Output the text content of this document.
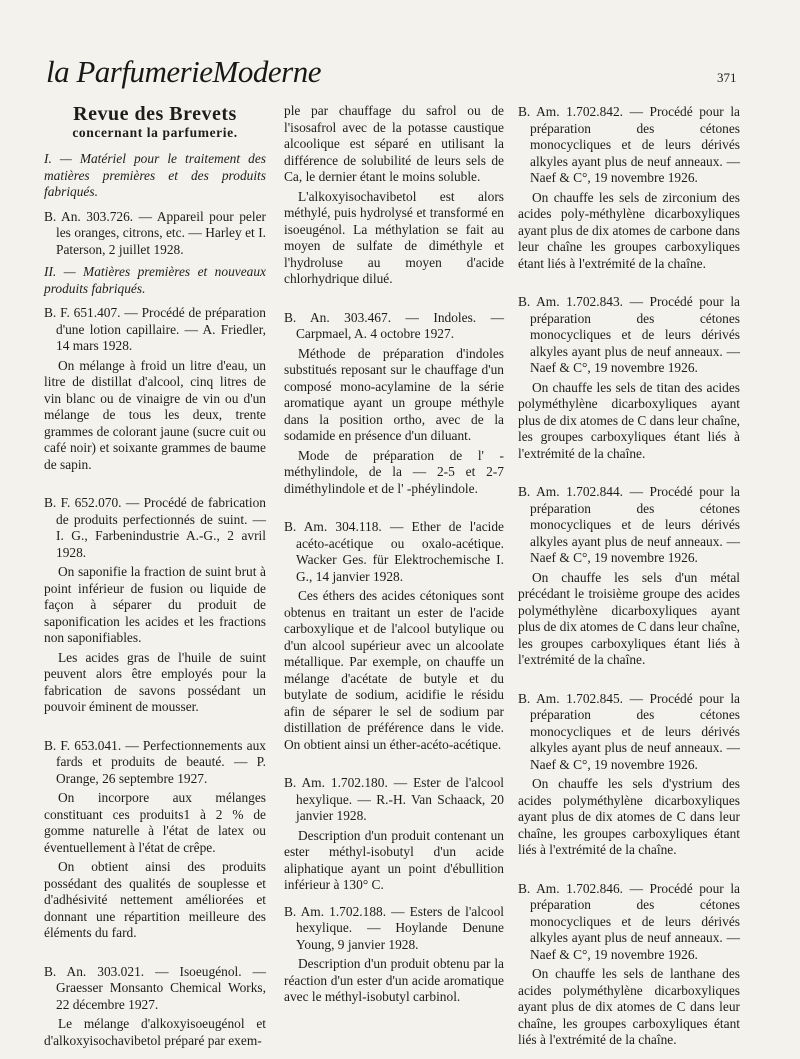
la ParfumerieModerne	371
Revue des Brevets
concernant la parfumerie.

I. — Matériel pour le traitement des matières premières et des produits fabriqués.

B. An. 303.726. — Appareil pour peler les oranges, citrons, etc. — Harley et I. Paterson, 2 juillet 1928.

II. — Matières premières et nouveaux produits fabriqués.

B. F. 651.407. — Procédé de préparation d'une lotion capillaire. — A. Friedler, 14 mars 1928.

On mélange à froid un litre d'eau, un litre de distillat d'alcool, cinq litres de vin blanc ou de vinaigre de vin ou d'un mélange de tous les deux, trente grammes de colorant jaune (sucre cuit ou café noir) et soixante grammes de baume de sapin.

B. F. 652.070. — Procédé de fabrication de produits perfectionnés de suint. — I. G., Farbenindustrie A.-G., 2 avril 1928.

On saponifie la fraction de suint brut à point inférieur de fusion ou liquide de façon à séparer du produit de saponification les acides et les fractions non saponifiables.

Les acides gras de l'huile de suint peuvent alors être employés pour la fabrication de savons possédant un pouvoir éminent de mousser.

B. F. 653.041. — Perfectionnements aux fards et produits de beauté. — P. Orange, 26 septembre 1927.

On incorpore aux mélanges constituant ces produits1 à 2 % de gomme naturelle à l'état de latex ou éventuellement à l'état de crêpe.

On obtient ainsi des produits possédant des qualités de souplesse et d'adhésivité nettement améliorées et donnant une répartition meilleure des éléments du fard.

B. An. 303.021. — Isoeugénol. — Graesser Monsanto Chemical Works, 22 décembre 1927.

Le mélange d'alkoxyisoeugénol et d'alkoxyisochavibetol préparé par exem-

ple par chauffage du safrol ou de l'isosafrol avec de la potasse caustique alcoolique est séparé en utilisant la différence de solubilité de leurs sels de Ca, le dernier étant le moins soluble.

L'alkoxyisochavibetol est alors méthylé, puis hydrolysé et transformé en isoeugénol. La méthylation se fait au moyen de sulfate de diméthyle et l'hydroluse au moyen d'acide chlorhydrique dilué.

B. An. 303.467. — Indoles. — Carpmael, A. 4 octobre 1927.

Méthode de préparation d'indoles substitués reposant sur le chauffage d'un composé mono-acylamine de la série aromatique ayant un groupe méthyle dans la position ortho, avec de la sodamide en présence d'un diluant.

Mode de préparation de l' -méthylindole, de la — 2-5 et 2-7 diméthylindole et de l' -phéylindole.

B. Am. 304.118. — Ether de l'acide acéto-acétique ou oxalo-acétique. Wacker Ges. für Elektrochemische I. G., 14 janvier 1928.

Ces éthers des acides cétoniques sont obtenus en traitant un ester de l'acide carboxylique et de l'alcool butylique ou d'un alcool supérieur avec un alcoolate métallique. Par exemple, on chauffe un mélange d'acétate de butyle et du butylate de sodium, acidifie le résidu afin de séparer le sel de sodium par distillation de préférence dans le vide. On obtient ainsi un éther-acéto-acétique.

B. Am. 1.702.180. — Ester de l'alcool hexylique. — R.-H. Van Schaack, 20 janvier 1928.

Description d'un produit contenant un ester méthyl-isobutyl d'un acide aliphatique ayant un point d'ébullition inférieur à 130° C.

B. Am. 1.702.188. — Esters de l'alcool hexylique. — Hoylande Denune Young, 9 janvier 1928.

Description d'un produit obtenu par la réaction d'un ester d'un acide aromatique avec le méthyl-isobutyl carbinol.

B. Am. 1.702.842. — Procédé pour la préparation des cétones monocycliques et de leurs dérivés alkyles ayant plus de neuf anneaux. — Naef & C°, 19 novembre 1926.

On chauffe les sels de zirconium des acides poly-méthylène dicarboxyliques ayant plus de dix atomes de carbone dans leur chaîne les groupes carboxyliques étant liés à l'extrémité de la chaîne.

B. Am. 1.702.843. — Procédé pour la préparation des cétones monocycliques et de leurs dérivés alkyles ayant plus de neuf anneaux. — Naef & C°, 19 novembre 1926.

On chauffe les sels de titan des acides polyméthylène dicarboxyliques ayant plus de dix atomes de C dans leur chaîne, les groupes carboxyliques étant liés à l'extrémité de la chaîne.

B. Am. 1.702.844. — Procédé pour la préparation des cétones monocycliques et de leurs dérivés alkyles ayant plus de neuf anneaux. — Naef & C°, 19 novembre 1926.

On chauffe les sels d'un métal précédant le troisième groupe des acides polyméthylène dicarboxyliques ayant plus de dix atomes de C dans leur chaîne, les groupes carboxyliques étant liés à l'extrémité de la chaîne.

B. Am. 1.702.845. — Procédé pour la préparation des cétones monocycliques et de leurs dérivés alkyles ayant plus de neuf anneaux. — Naef & C°, 19 novembre 1926.

On chauffe les sels d'ystrium des acides polyméthylène dicarboxyliques ayant plus de dix atomes de C dans leur chaîne, les groupes carboxyliques étant liés à l'extrémité de la chaîne.

B. Am. 1.702.846. — Procédé pour la préparation des cétones monocycliques et de leurs dérivés alkyles ayant plus de neuf anneaux. — Naef & C°, 19 novembre 1926.

On chauffe les sels de lanthane des acides polyméthylène dicarboxyliques ayant plus de dix atomes de C dans leur chaîne, les groupes carboxyliques étant liés à l'extrémité de la chaîne.
